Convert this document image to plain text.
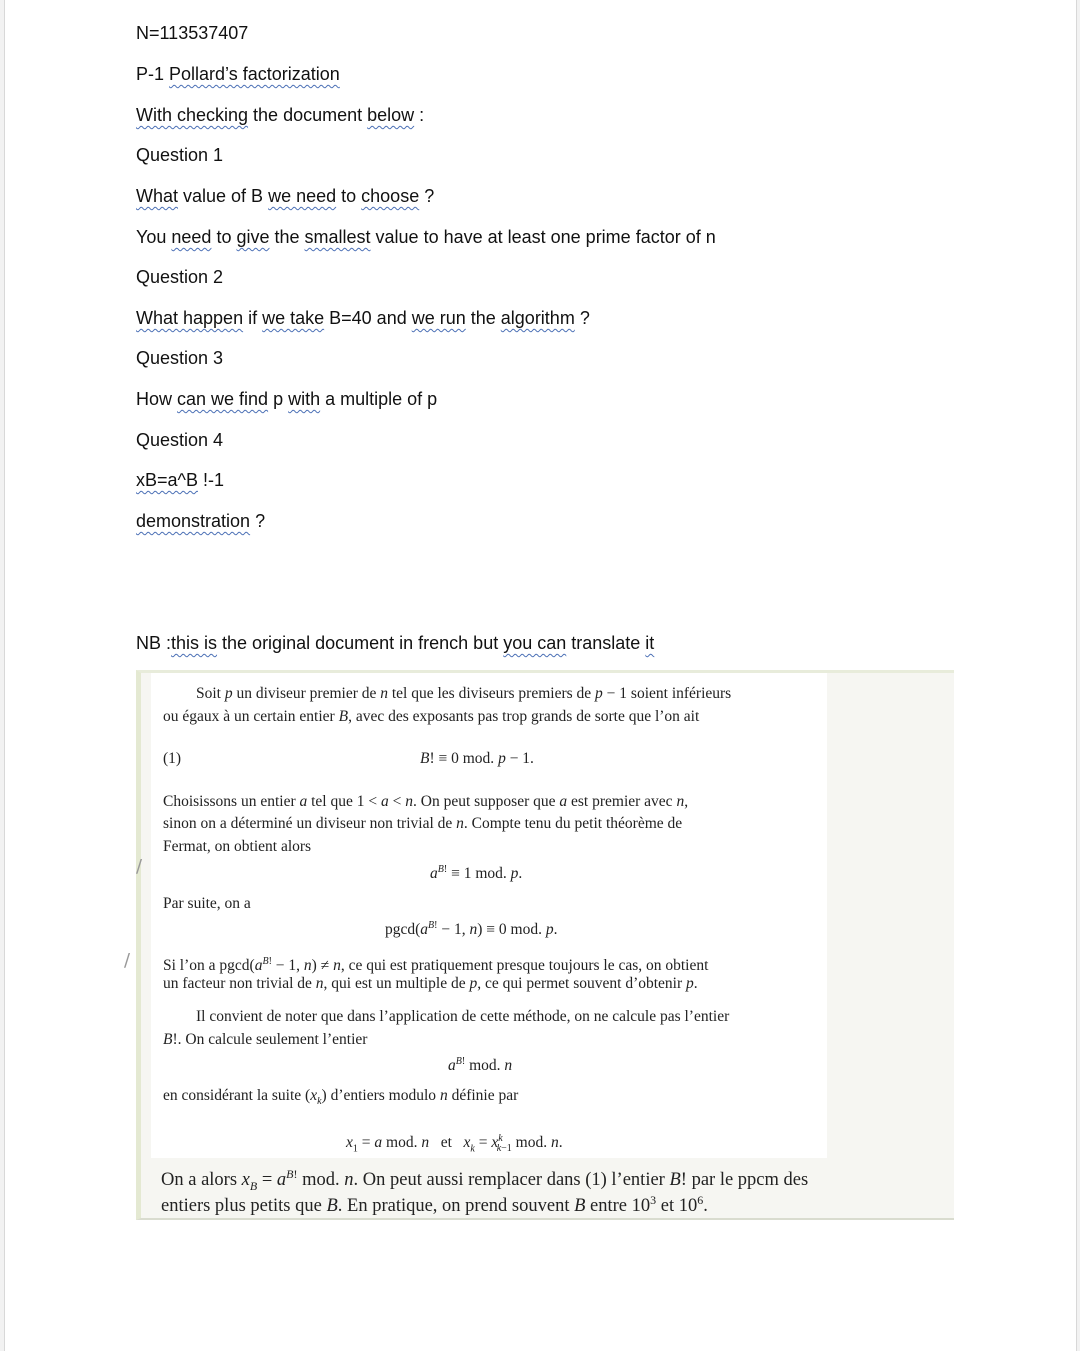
N=113537407
P-1 Pollard’s factorization
With checking the document below :
Question 1
What value of B we need to choose ?
You need to give the smallest value to have at least one prime factor of n
Question 2
What happen if we take B=40 and we run the algorithm ?
Question 3
How can we find p with a multiple of p
Question 4
xB=a^B !-1
demonstration ?
NB :this is the original document in french but you can translate it
/
/
Soit p un diviseur premier de n tel que les diviseurs premiers de p − 1 soient inférieurs
ou égaux à un certain entier B, avec des exposants pas trop grands de sorte que l’on ait
(1)	B! ≡ 0 mod. p − 1.
Choisissons un entier a tel que 1 < a < n. On peut supposer que a est premier avec n,
sinon on a déterminé un diviseur non trivial de n. Compte tenu du petit théorème de
Fermat, on obtient alors
$a^{B!} \equiv 1$ mod. p.
Par suite, on a
$pgcd(a^{B!} - 1$, n) ≡ 0 mod. p.
Si l’on a $pgcd(a^{B!} - 1$, n) ≠ n, ce qui est pratiquement presque toujours le cas, on obtient
un facteur non trivial de n, qui est un multiple de p, ce qui permet souvent d’obtenir p.
Il convient de noter que dans l’application de cette méthode, on ne calcule pas l’entier
B!. On calcule seulement l’entier
$a^{B!}$ mod. n
en considérant la suite $(x_k)$ d’entiers modulo n définie par
$x_1 = a$ mod. n   et   $x_k = x^k_{k-1}$ mod. n.
On a alors $x_B = a^{B!}$ mod. n. On peut aussi remplacer dans (1) l’entier B! par le ppcm des
entiers plus petits que B. En pratique, on prend souvent B entre $10^3$ et $10^6$.
